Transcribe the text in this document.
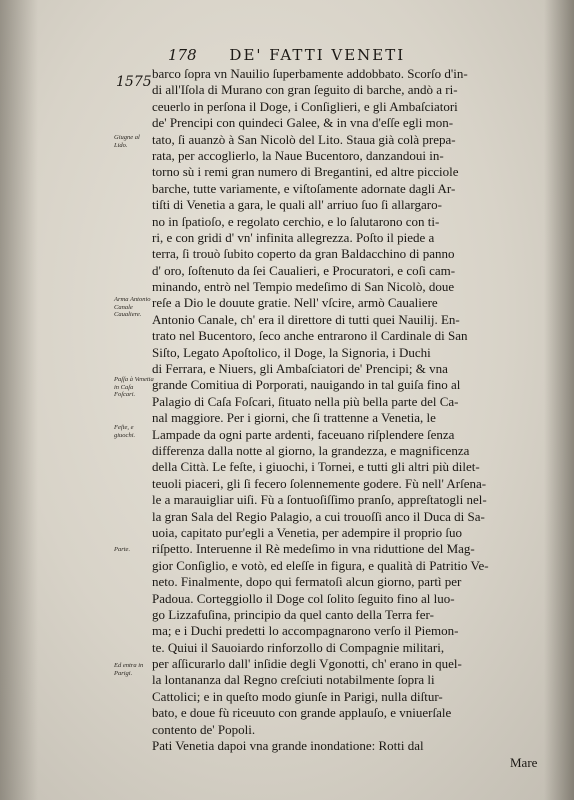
178 DE' FATTI VENETI
1575
barco ſopra vn Nauilio ſuperbamente addobbato. Scorſo d'in-
di all'Iſola di Murano con gran ſeguito di barche, andò a ri-
ceuerlo in perſona il Doge, i Conſiglieri, e gli Ambaſciatori
de' Prencipi con quindeci Galee, & in vna d'eſſe egli mon-
tato, ſi auanzò à San Nicolò del Lito. Staua già colà prepa-
rata, per accoglierlo, la Naue Bucentoro, danzandoui in-
torno sù i remi gran numero di Bregantini, ed altre picciole
barche, tutte variamente, e viſtoſamente adornate dagli Ar-
tiſti di Venetia a gara, le quali all' arriuo ſuo ſi allargaro-
no in ſpatioſo, e regolato cerchio, e lo ſalutarono con ti-
ri, e con gridi d' vn' infinita allegrezza. Poſto il piede a
terra, ſi trouò ſubito coperto da gran Baldacchino di panno
d' oro, ſoſtenuto da ſei Caualieri, e Procuratori, e coſi cam-
minando, entrò nel Tempio medeſimo di San Nicolò, doue
reſe a Dio le douute gratie. Nell' vſcire, armò Caualiere
Antonio Canale, ch' era il direttore di tutti quei Nauilij. En-
trato nel Bucentoro, ſeco anche entrarono il Cardinale di San
Siſto, Legato Apoſtolico, il Doge, la Signoria, i Duchi
di Ferrara, e Niuers, gli Ambaſciatori de' Prencipi; & vna
grande Comitiua di Porporati, nauigando in tal guiſa fino al
Palagio di Caſa Foſcari, ſituato nella più bella parte del Ca-
nal maggiore. Per i giorni, che ſi trattenne a Venetia, le
Lampade da ogni parte ardenti, faceuano riſplendere ſenza
differenza dalla notte al giorno, la grandezza, e magnificenza
della Città. Le feſte, i giuochi, i Tornei, e tutti gli altri più dilet-
teuoli piaceri, gli ſi fecero ſolennemente godere. Fù nell' Arſena-
le a marauigliar uiſi. Fù a ſontuoſiſſimo pranſo, appreſtatogli nel-
la gran Sala del Regio Palagio, a cui trouoſſi anco il Duca di Sa-
uoia, capitato pur'egli a Venetia, per adempire il proprio ſuo
riſpetto. Interuenne il Rè medeſimo in vna riduttione del Mag-
gior Conſiglio, e votò, ed eleſſe in figura, e qualità di Patritio Ve-
neto. Finalmente, dopo qui fermatoſi alcun giorno, partì per
Padoua. Corteggiollo il Doge col ſolito ſeguito fino al luo-
go Lizzafuſina, principio da quel canto della Terra fer-
ma; e i Duchi predetti lo accompagnarono verſo il Piemon-
te. Quiui il Sauoiardo rinforzollo di Compagnie militari,
per aſſicurarlo dall' inſidie degli Vgonotti, ch' erano in quel-
la lontananza dal Regno creſciuti notabilmente ſopra li
Cattolici; e in queſto modo giunſe in Parigi, nulla diſtur-
bato, e doue fù riceuuto con grande applauſo, e vniuerſale
contento de' Popoli.
Pati Venetia dapoi vna grande inondatione: Rotti dal
Giugne al Lido.
Arma Antonio Canale Caualiere.
Paſſa à Venetia in Caſa Foſcari.
Feſte, e giuochi.
Parte.
Ed entra in Parigi.
Mare
